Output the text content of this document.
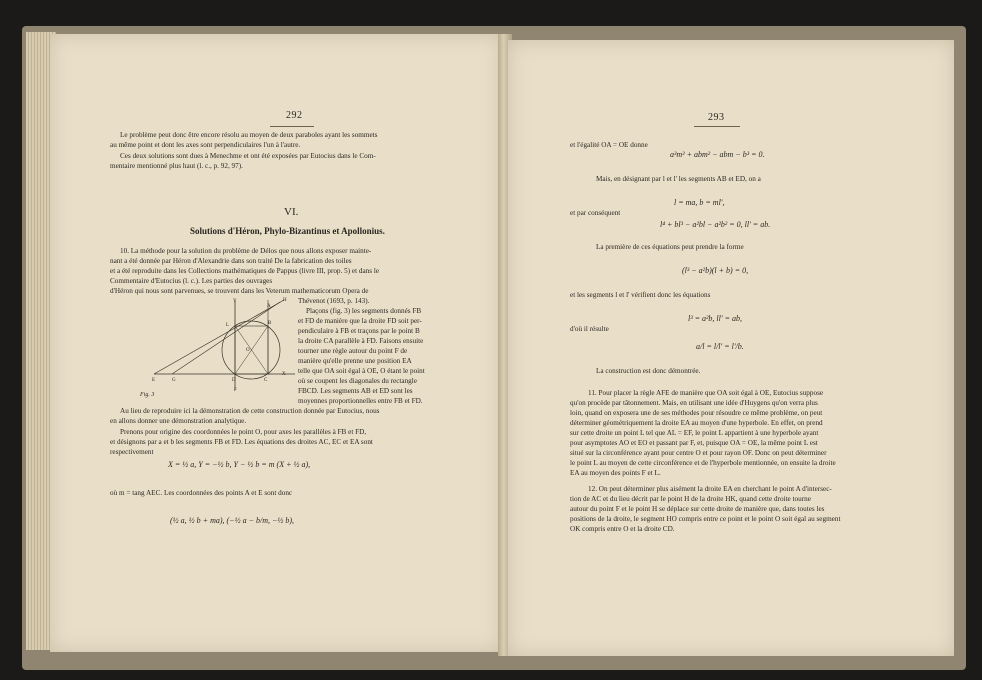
292
Le problème peut donc être encore résolu au moyen de deux paraboles ayant les sommets
au même point et dont les axes sont perpendiculaires l'un à l'autre.
Ces deux solutions sont dues à Menechme et ont été exposées par Eutocius dans le Com-
mentaire mentionné plus haut (l. c., p. 92, 97).
VI.
Solutions d'Héron, Phylo-Bizantinus et Apollonius.
10. La méthode pour la solution du problème de Délos que nous allons exposer mainte-
nant a été donnée par Héron d'Alexandrie dans son traité De la fabrication des toiles
et a été reproduite dans les Collections mathématiques de Pappus (livre III, prop. 5) et dans le
Commentaire d'Eutocius (l. c.). Les parties des ouvrages
d'Héron qui nous sont parvenues, se trouvent dans les Veterum mathematicorum Opera de
Fig. 3
Y	H
A
B
L
O
X
E	G	D	C
F
Thévenot (1693, p. 143).
Plaçons (fig. 3) les segments donnés FB
et FD de manière que la droite FD soit per-
pendiculaire à FB et traçons par le point B
la droite CA parallèle à FD. Faisons ensuite
tourner une règle autour du point F de
manière qu'elle prenne une position EA
telle que OA soit égal à OE, O étant le point
où se coupent les diagonales du rectangle
FBCD. Les segments AB et ED sont les
moyennes proportionnelles entre FB et FD.
Au lieu de reproduire ici la démonstration de cette construction donnée par Eutocius, nous
en allons donner une démonstration analytique.
Prenons pour origine des coordonnées le point O, pour axes les parallèles à FB et FD,
et désignons par a et b les segments FB et FD. Les équations des droites AC, EC et EA sont
respectivement
X = ½ a, Y = −½ b, Y − ½ b = m (X + ½ a),
où m = tang AEC. Les coordonnées des points A et E sont donc
(½ a, ½ b + ma), (−½ a − b/m, −½ b),
293
et l'égalité OA = OE donne
a³m³ + abm² − abm − b³ = 0.
Mais, en désignant par l et l' les segments AB et ED, on a
l = ma, b = ml',
et par conséquent
l⁴ + bl³ − a²bl − a²b² = 0, ll' = ab.
La première de ces équations peut prendre la forme
(l³ − a²b)(l + b) = 0,
et les segments l et l' vérifient donc les équations
l³ = a²b, ll' = ab,
d'où il résulte
a/l = l/l' = l'/b.
La construction est donc démontrée.
11. Pour placer la règle AFE de manière que OA soit égal à OE, Eutocius suppose
qu'on procède par tâtonnement. Mais, en utilisant une idée d'Huygens qu'on verra plus
loin, quand on exposera une de ses méthodes pour résoudre ce même problème, on peut
déterminer géométriquement la droite EA au moyen d'une hyperbole. En effet, on prend
sur cette droite un point L tel que AL = EF, le point L appartient à une hyperbole ayant
pour asymptotes AO et EO et passant par F, et, puisque OA = OE, la même point L est
situé sur la circonférence ayant pour centre O et pour rayon OF. Donc on peut déterminer
le point L au moyen de cette circonférence et de l'hyperbole mentionnée, on ensuite la droite
EA au moyen des points F et L.
12. On peut déterminer plus aisément la droite EA en cherchant le point A d'intersec-
tion de AC et du lieu décrit par le point H de la droite HK, quand cette droite tourne
autour du point F et le point H se déplace sur cette droite de manière que, dans toutes les
positions de la droite, le segment HO compris entre ce point et le point O soit égal au segment
OK compris entre O et la droite CD.
